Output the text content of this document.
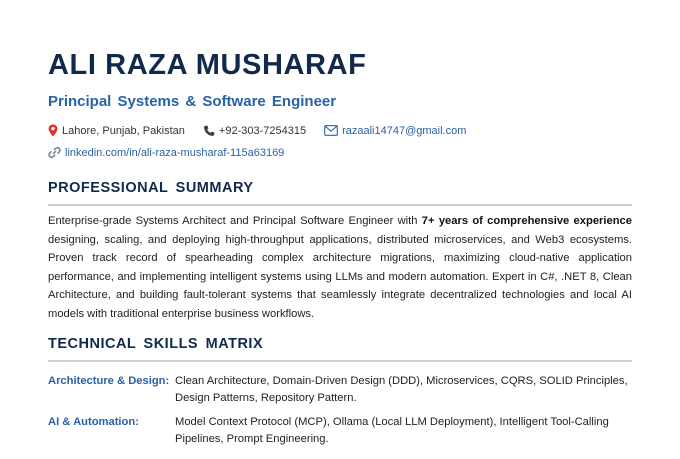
ALI RAZA MUSHARAF
Principal Systems & Software Engineer
Lahore, Punjab, Pakistan	+92-303-7254315	razaali14747@gmail.com
linkedin.com/in/ali-raza-musharaf-115a63169
PROFESSIONAL SUMMARY

Enterprise-grade Systems Architect and Principal Software Engineer with 7+ years of comprehensive experience designing, scaling, and deploying high-throughput applications, distributed microservices, and Web3 ecosystems. Proven track record of spearheading complex architecture migrations, maximizing cloud-native application performance, and implementing intelligent systems using LLMs and modern automation. Expert in C#, .NET 8, Clean Architecture, and building fault-tolerant systems that seamlessly integrate decentralized technologies and local AI models with traditional enterprise business workflows.

TECHNICAL SKILLS MATRIX
Architecture & Design: Clean Architecture, Domain-Driven Design (DDD), Microservices, CQRS, SOLID Principles, Design Patterns, Repository Pattern.
AI & Automation:	Model Context Protocol (MCP), Ollama (Local LLM Deployment), Intelligent Tool-Calling Pipelines, Prompt Engineering.
